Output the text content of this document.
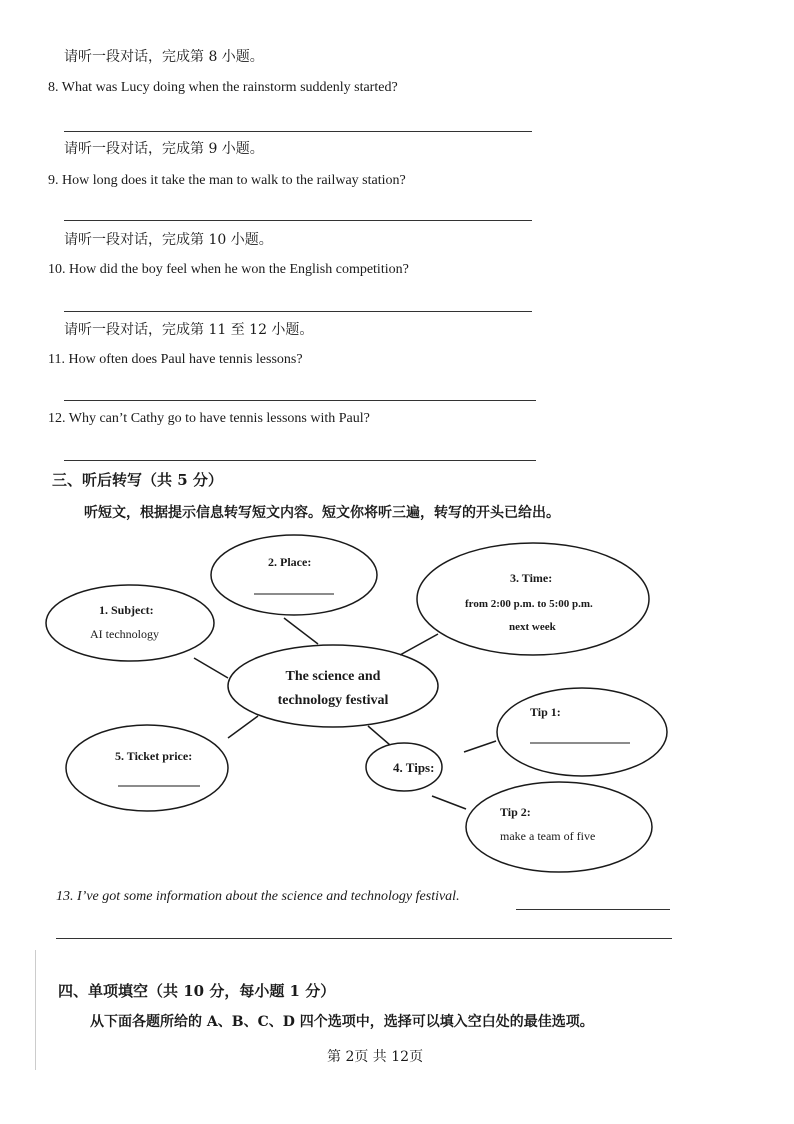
请听一段对话，完成第 8 小题。
8. What was Lucy doing when the rainstorm suddenly started?
请听一段对话，完成第 9 小题。
9. How long does it take the man to walk to the railway station?
请听一段对话，完成第 10 小题。
10. How did the boy feel when he won the English competition?
请听一段对话，完成第 11 至 12 小题。
11. How often does Paul have tennis lessons?
12. Why can’t Cathy go to have tennis lessons with Paul?
三、听后转写（共 5 分）
听短文，根据提示信息转写短文内容。短文你将听三遍，转写的开头已给出。
1. Subject:
AI technology
2. Place:
3. Time:
from 2:00 p.m. to 5:00 p.m.
next week
The science and
technology festival
5. Ticket price:
4. Tips:
Tip 1:
Tip 2:
make a team of five
13. I’ve got some information about the science and technology festival.
四、单项填空（共 10 分，每小题 1 分）
从下面各题所给的 A、B、C、D 四个选项中，选择可以填入空白处的最佳选项。
第 2页 共 12页
